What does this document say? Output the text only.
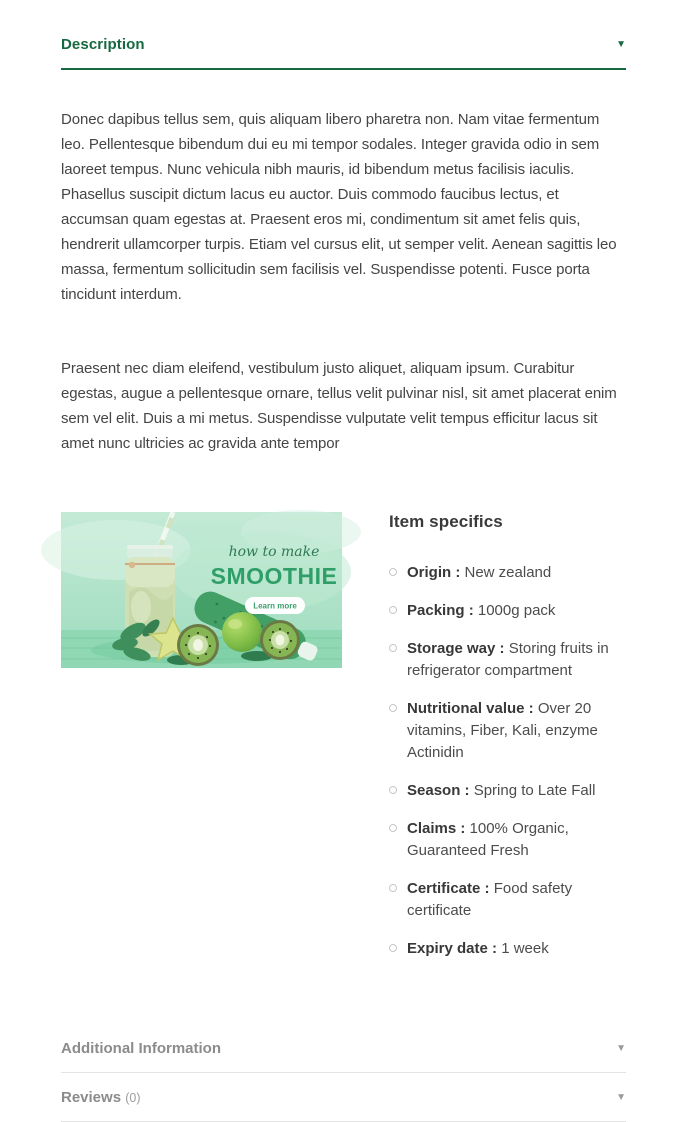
Description	▼

Donec dapibus tellus sem, quis aliquam libero pharetra non. Nam vitae fermentum leo. Pellentesque bibendum dui eu mi tempor sodales. Integer gravida odio in sem laoreet tempus. Nunc vehicula nibh mauris, id bibendum metus facilisis iaculis. Phasellus suscipit dictum lacus eu auctor. Duis commodo faucibus lectus, et accumsan quam egestas at. Praesent eros mi, condimentum sit amet felis quis, hendrerit ullamcorper turpis. Etiam vel cursus elit, ut semper velit. Aenean sagittis leo massa, fermentum sollicitudin sem facilisis vel. Suspendisse potenti. Fusce porta tincidunt interdum.

Praesent nec diam eleifend, vestibulum justo aliquet, aliquam ipsum. Curabitur egestas, augue a pellentesque ornare, tellus velit pulvinar nisl, sit amet placerat enim sem vel elit. Duis a mi metus. Suspendisse vulputate velit tempus efficitur lacus sit amet nunc ultricies ac gravida ante tempor

how to make
SMOOTHIE
Learn more
Item specifics
Origin : New zealand
Packing : 1000g pack
Storage way : Storing fruits in refrigerator compartment
Nutritional value : Over 20 vitamins, Fiber, Kali, enzyme Actinidin
Season : Spring to Late Fall
Claims : 100% Organic, Guaranteed Fresh
Certificate : Food safety certificate
Expiry date : 1 week
Additional Information	▼
Reviews (0)	▼
